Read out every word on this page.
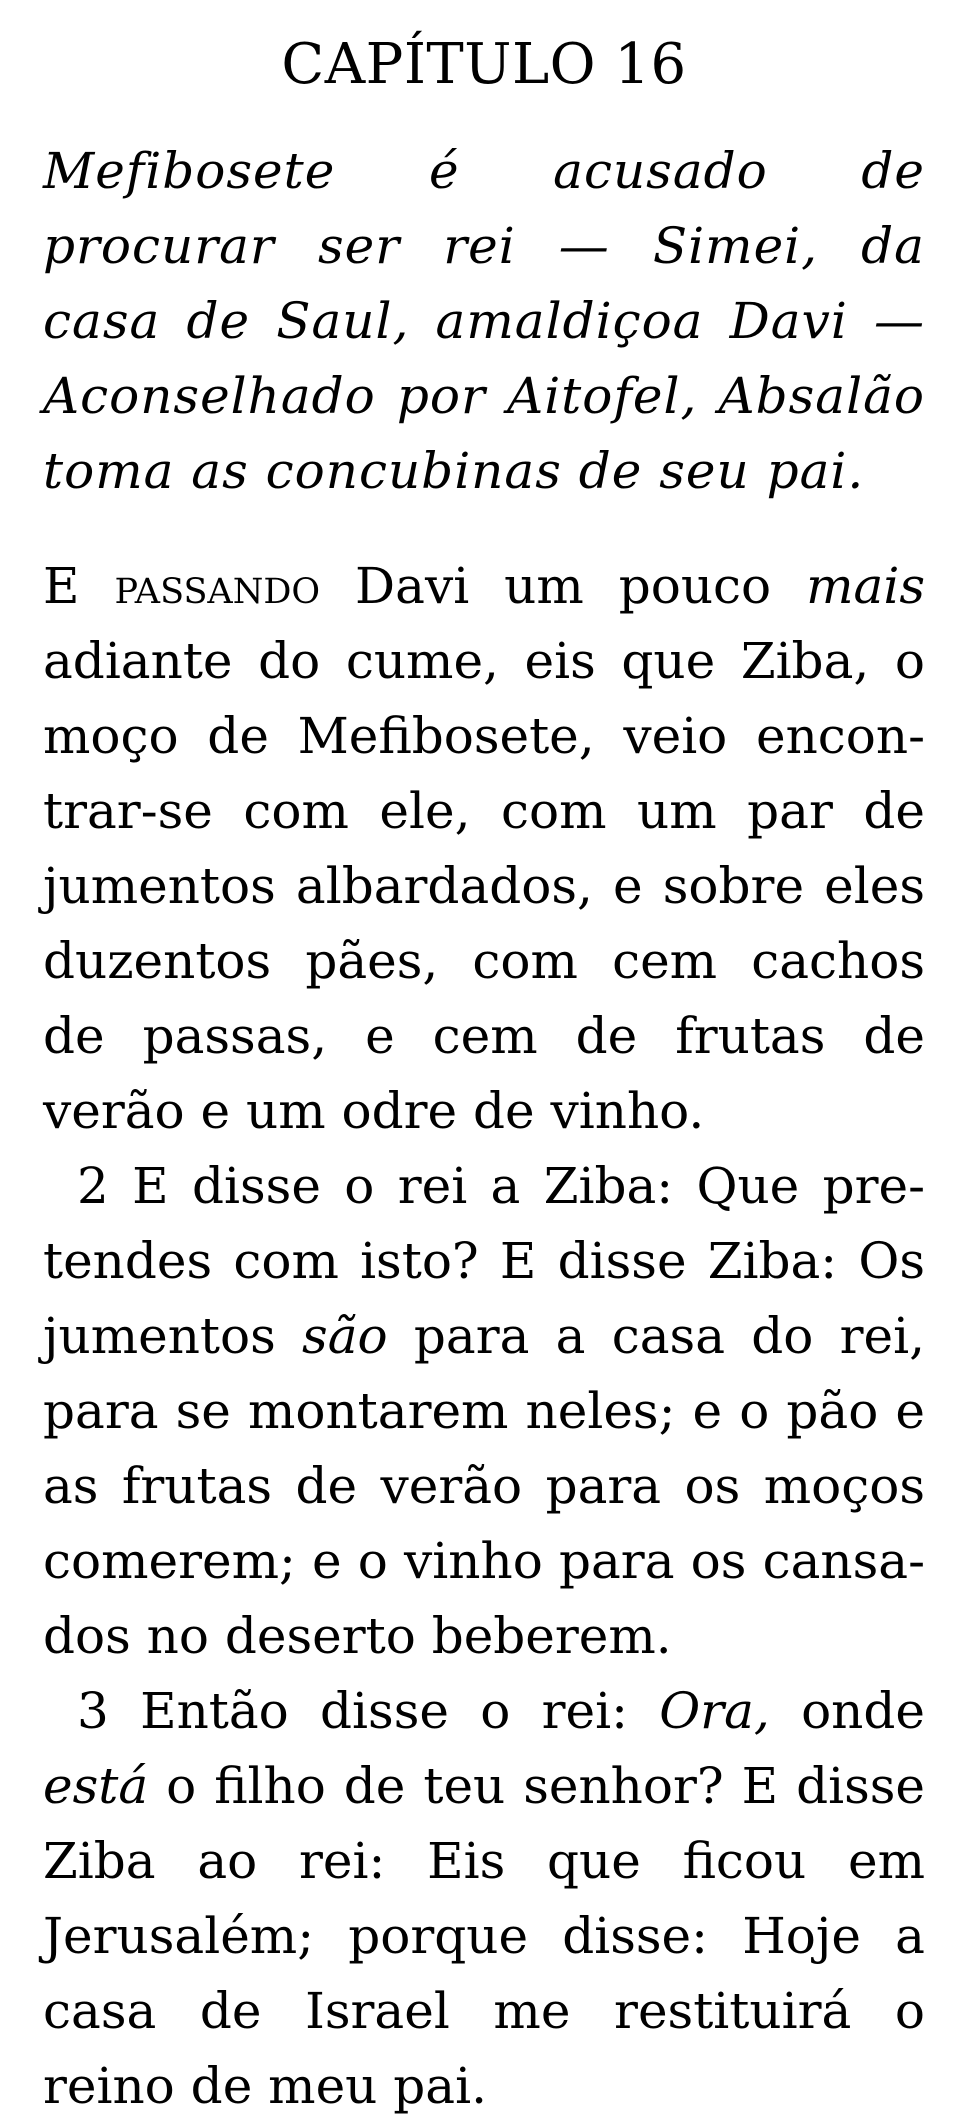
CAPÍTULO 16

Mefibosete é acusado de procurar ser rei — Simei, da casa de Saul, amaldiçoa Davi — Aconselhado por Aitofel, Absalão toma as concubinas de seu pai.

E passando Davi um pouco mais adiante do cume, eis que Ziba, o moço de Mefibosete, veio encontrar-se com ele, com um par de jumentos albardados, e sobre eles duzentos pães, com cem cachos de passas, e cem de frutas de verão e um odre de vinho.

2 E disse o rei a Ziba: Que pretendes com isto? E disse Ziba: Os jumentos são para a casa do rei, para se montarem neles; e o pão e as frutas de verão para os moços comerem; e o vinho para os cansados no deserto beberem.

3 Então disse o rei: Ora, onde está o filho de teu senhor? E disse Ziba ao rei: Eis que ficou em Jerusalém; porque disse: Hoje a casa de Israel me restituirá o reino de meu pai.
